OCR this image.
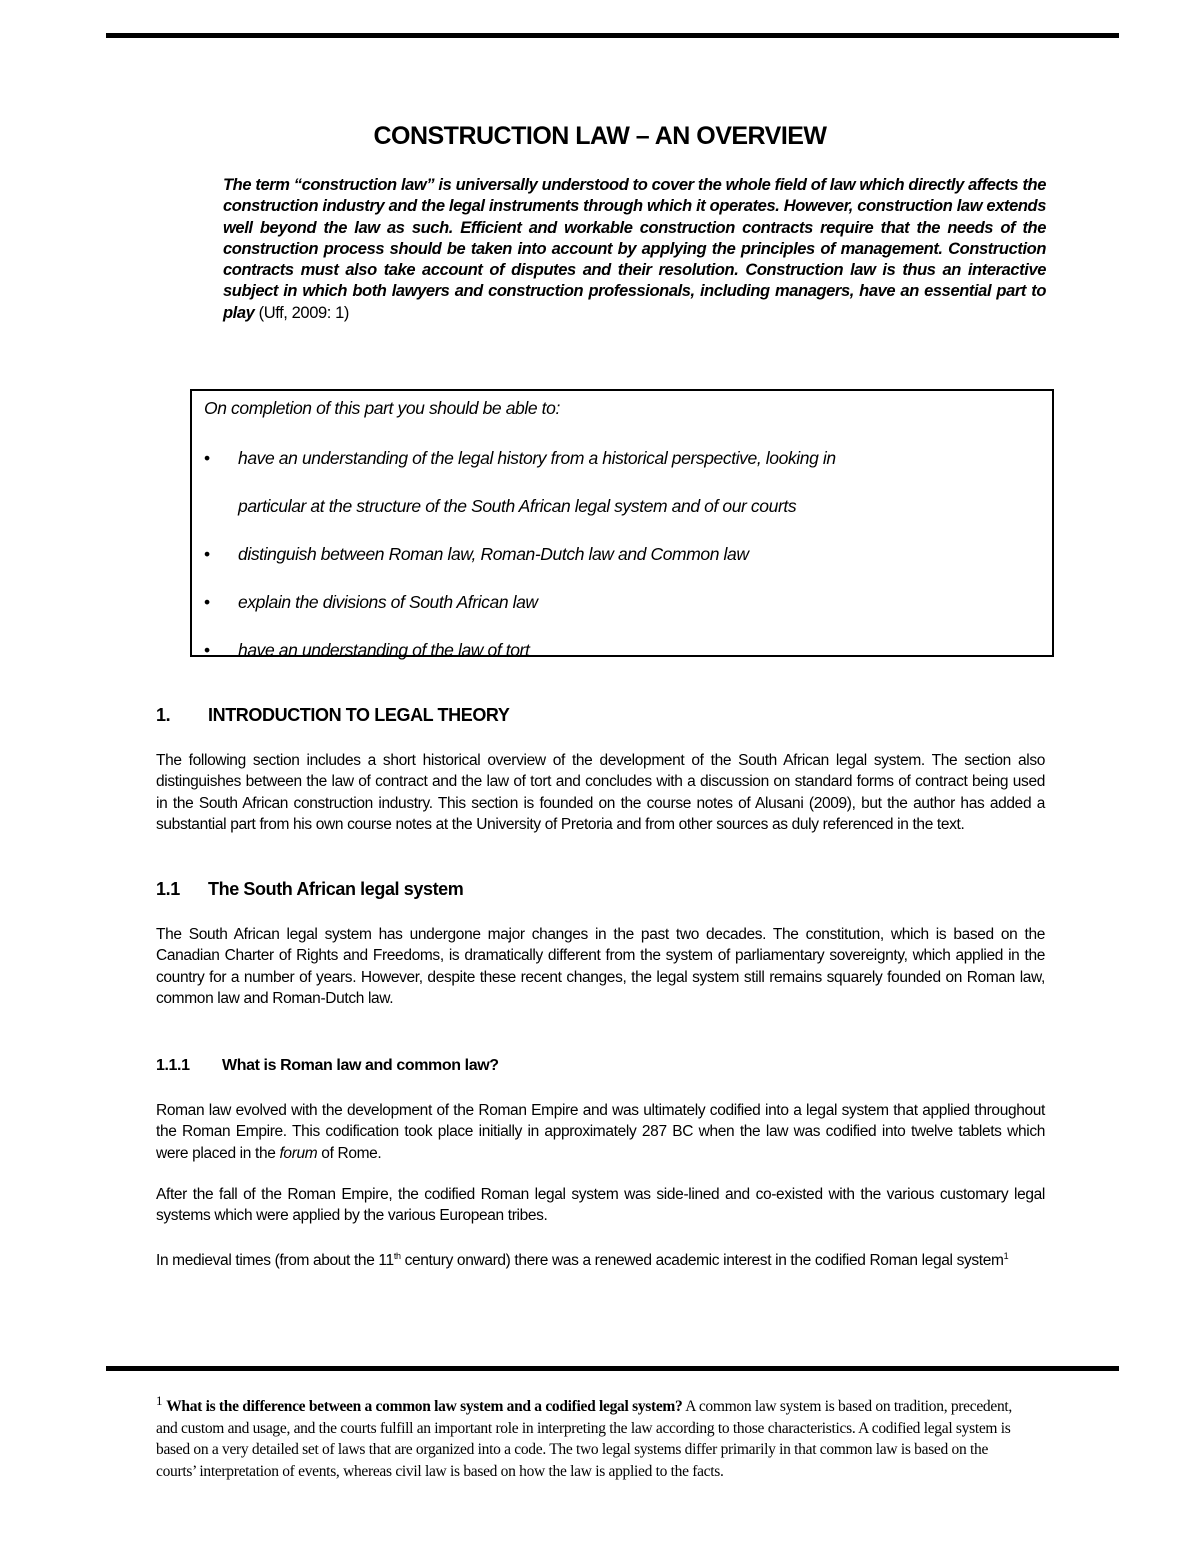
CONSTRUCTION LAW – AN OVERVIEW

The term “construction law” is universally understood to cover the whole field of law which directly affects the construction industry and the legal instruments through which it operates. However, construction law extends well beyond the law as such. Efficient and workable construction contracts require that the needs of the construction process should be taken into account by applying the principles of management. Construction contracts must also take account of disputes and their resolution. Construction law is thus an interactive subject in which both lawyers and construction professionals, including managers, have an essential part to play (Uff, 2009: 1)

On completion of this part you should be able to:

• have an understanding of the legal history from a historical perspective, looking in
particular at the structure of the South African legal system and of our courts
• distinguish between Roman law, Roman-Dutch law and Common law
• explain the divisions of South African law
• have an understanding of the law of tort
1. INTRODUCTION TO LEGAL THEORY

The following section includes a short historical overview of the development of the South African legal system. The section also distinguishes between the law of contract and the law of tort and concludes with a discussion on standard forms of contract being used in the South African construction industry. This section is founded on the course notes of Alusani (2009), but the author has added a substantial part from his own course notes at the University of Pretoria and from other sources as duly referenced in the text.

1.1 The South African legal system

The South African legal system has undergone major changes in the past two decades. The constitution, which is based on the Canadian Charter of Rights and Freedoms, is dramatically different from the system of parliamentary sovereignty, which applied in the country for a number of years. However, despite these recent changes, the legal system still remains squarely founded on Roman law, common law and Roman-Dutch law.

1.1.1 What is Roman law and common law?

Roman law evolved with the development of the Roman Empire and was ultimately codified into a legal system that applied throughout the Roman Empire. This codification took place initially in approximately 287 BC when the law was codified into twelve tablets which were placed in the forum of Rome.

After the fall of the Roman Empire, the codified Roman legal system was side-lined and co-existed with the various customary legal systems which were applied by the various European tribes.

In medieval times (from about the 11th century onward) there was a renewed academic interest in the codified Roman legal system$^1$

$^1$ What is the difference between a common law system and a codified legal system? A common law system is based on tradition, precedent, and custom and usage, and the courts fulfill an important role in interpreting the law according to those characteristics. A codified legal system is based on a very detailed set of laws that are organized into a code. The two legal systems differ primarily in that common law is based on the courts’ interpretation of events, whereas civil law is based on how the law is applied to the facts.
